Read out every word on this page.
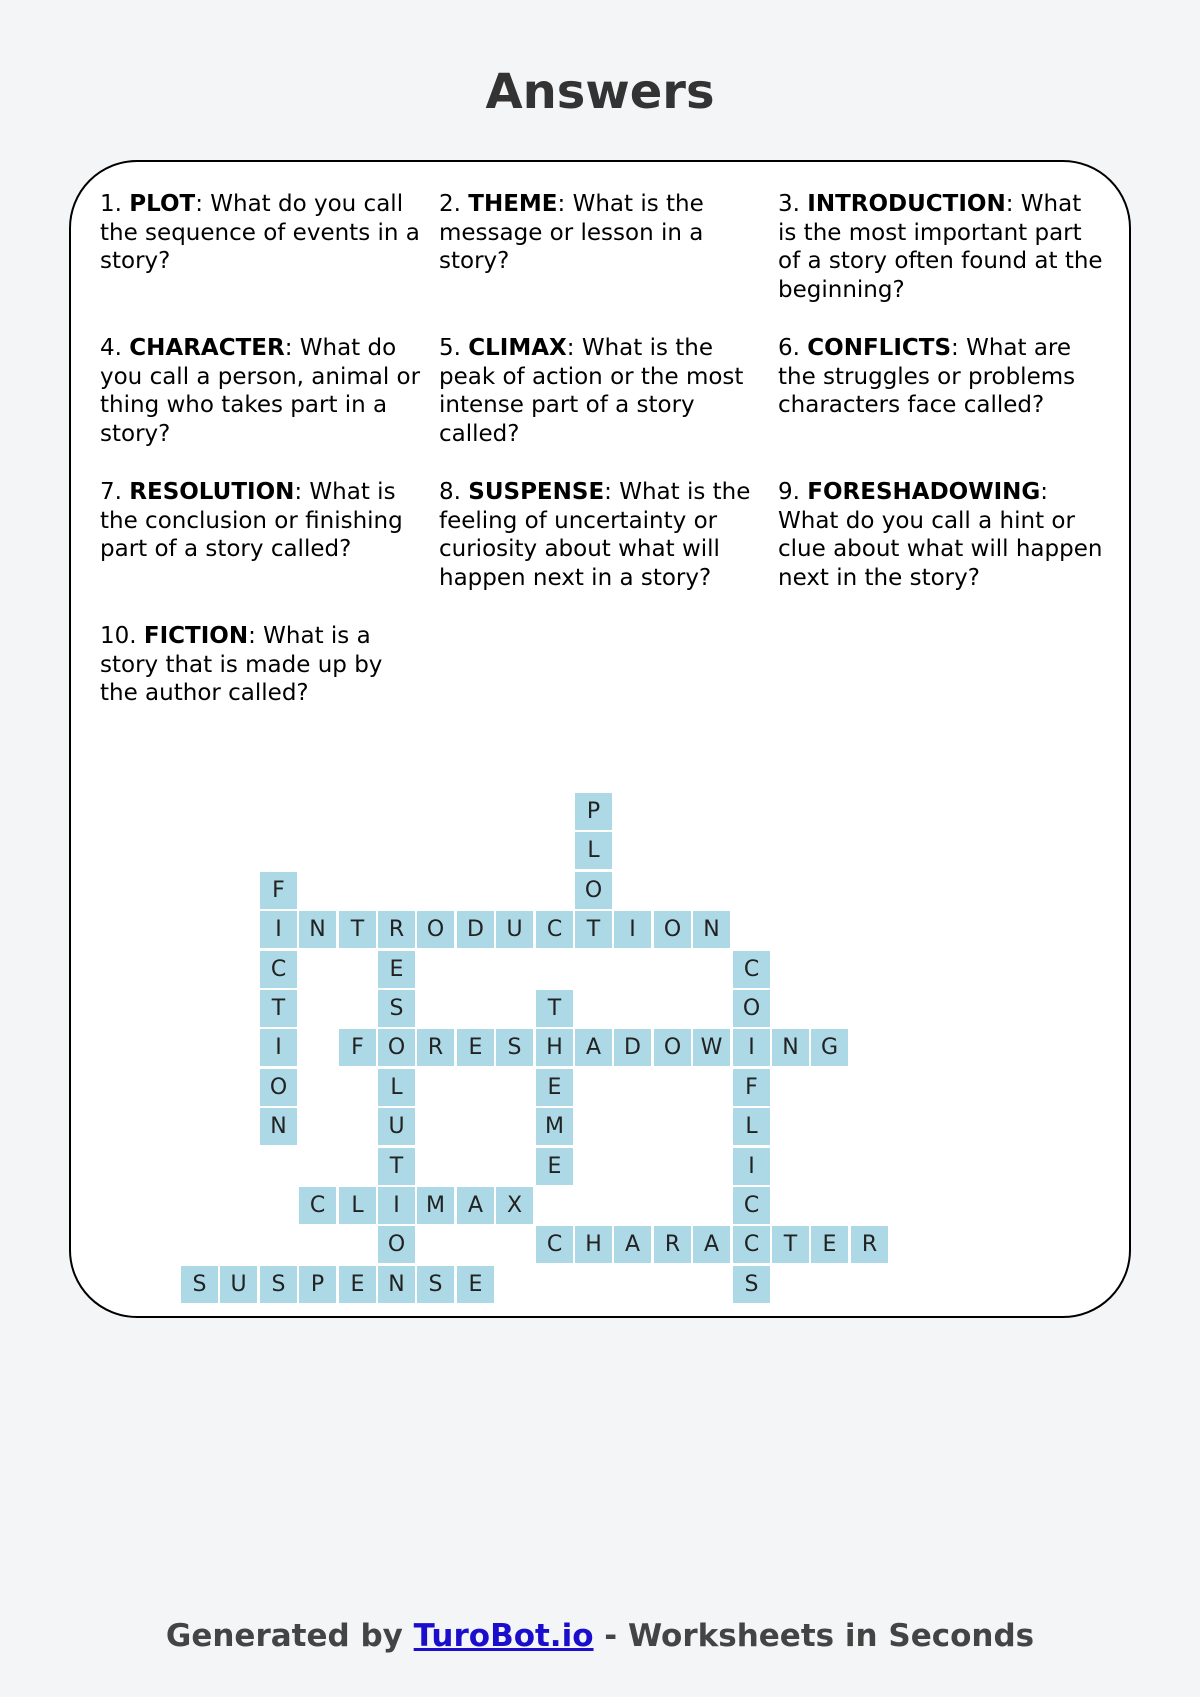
Answers
1. PLOT: What do you call the sequence of events in a story?
2. THEME: What is the message or lesson in a story?
3. INTRODUCTION: What is the most important part of a story often found at the beginning?
4. CHARACTER: What do you call a person, animal or thing who takes part in a story?
5. CLIMAX: What is the peak of action or the most intense part of a story called?
6. CONFLICTS: What are the struggles or problems characters face called?
7. RESOLUTION: What is the conclusion or finishing part of a story called?
8. SUSPENSE: What is the feeling of uncertainty or curiosity about what will happen next in a story?
9. FORESHADOWING: What do you call a hint or clue about what will happen next in the story?
10. FICTION: What is a story that is made up by the author called?
P
L
O
T
F
I
C
T
I
O
N
N	T	R	O	D	U	C	I	O	N
E
S
O
L
U
T
I
O
N
C
O
I
F
L
I
C
C
S
T
H
E
M
E
F	R	E	S	A	D	O W	N	G
C	L	M	A	X
C	H	A	R	A	T	E	R
S	U	S	P	E	S	E
Generated by TuroBot.io - Worksheets in Seconds
